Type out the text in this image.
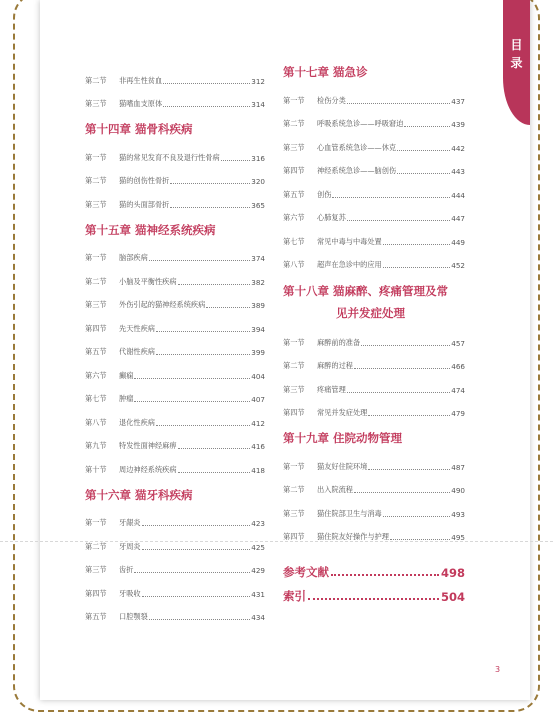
目
录
第二节	非再生性贫血	312
第三节	猫嗜血支原体	314
第十四章 猫骨科疾病
第一节	猫的常见发育不良及退行性骨病	316
第二节	猫的创伤性骨折	320
第三节	猫的头面部骨折	365
第十五章 猫神经系统疾病
第一节	脑部疾病	374
第二节	小脑及平衡性疾病	382
第三节	外伤引起的猫神经系统疾病	389
第四节	先天性疾病	394
第五节	代谢性疾病	399
第六节	癫痫	404
第七节	肿瘤	407
第八节	退化性疾病	412
第九节	特发性面神经麻痹	416
第十节	周边神经系统疾病	418
第十六章 猫牙科疾病
第一节	牙龈炎	423
第二节	牙周炎	425
第三节	齿折	429
第四节	牙吸收	431
第五节	口腔颚裂	434
第十七章 猫急诊
第一节	检伤分类	437
第二节	呼吸系统急诊——呼吸窘迫	439
第三节	心血管系统急诊——休克	442
第四节	神经系统急诊——脑创伤	443
第五节	创伤	444
第六节	心肺复苏	447
第七节	常见中毒与中毒处置	449
第八节	超声在急诊中的应用	452
第十八章 猫麻醉、疼痛管理及常
见并发症处理
第一节	麻醉前的准备	457
第二节	麻醉的过程	466
第三节	疼痛管理	474
第四节	常见并发症处理	479
第十九章 住院动物管理
第一节	猫友好住院环境	487
第二节	出入院流程	490
第三节	猫住院部卫生与消毒	493
第四节	猫住院友好操作与护理	495
参考文献	498
索引	504
3
